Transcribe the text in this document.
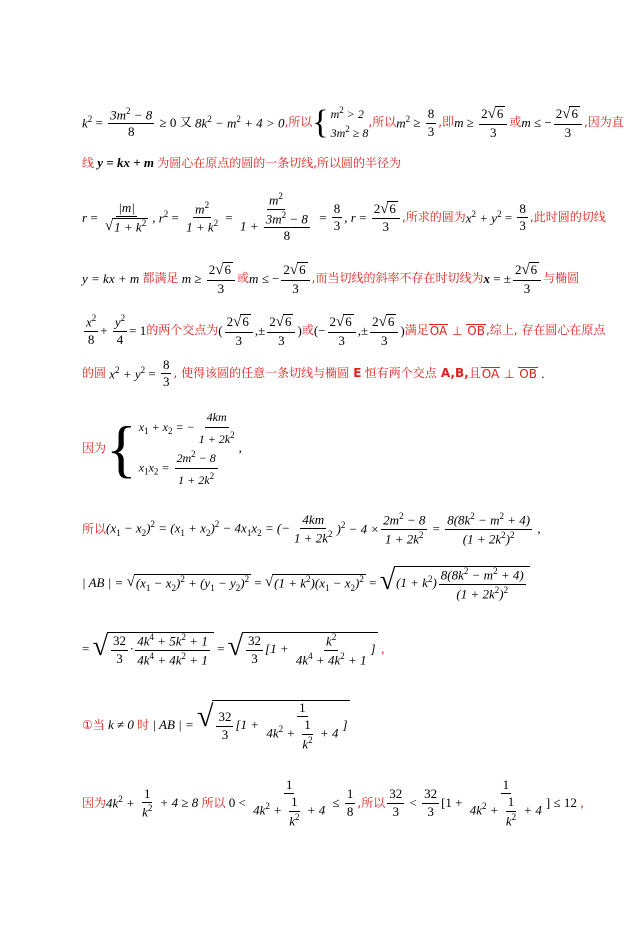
$k^2 = \frac{3m^2 - 8}{8} \ge 0$ 又
$8k^2 - m^2 + 4 > 0$ ,所以 { $m^2 > 2$
$3m^2 \ge 8$
,所以 $m^2 \ge \frac{8}{3}$ ,即 $m \ge \frac{2 √ 6}{3}$ 或 m ≤ − $\frac{2 √ 6}{3}$ ,因为直
线 y = kx + m 为圆心在原点的圆的一条切线,所以圆的半径为
$r = \frac{|m|}{√ 1 + k^2}$ , $r^2 = \frac{m^2}{1 + k^2} = \frac{m^2}{1 + \frac{3m^2 - 8}{8}} = \frac{8}{3}$ , $r = \frac{2 √ 6}{3}$ ,所求的圆为 $x^2 + y^2 = \frac{8}{3}$ ,此时圆的切线
y = kx + m
都满足 $m \ge \frac{2 √ 6}{3}$ 或 m ≤ − $\frac{2 √ 6}{3}$ ,而当切线的斜率不存在时切线为 x = ± $\frac{2 √ 6}{3}$ 与椭圆
$\frac{x^2}{8} + \frac{y^2}{4} = 1$ 的两个交点为 ( $\frac{2 √ 6}{3}$ ,± $\frac{2 √ 6}{3}$ ) 或 (− $\frac{2 √ 6}{3}$ ,± $\frac{2 √ 6}{3}$ ) 满足 OA ⊥ OB ,综上, 存在圆心在原点
的圆 $x^2 + y^2 = \frac{8}{3}$ , 使得该圆的任意一条切线与椭圆
E
恒有两个交点
A,B, 且 OA ⊥ OB .
因为 { $x_1 + x_2$ = − $\frac{4km}{1 + 2k^2}$
$x_1x_2 = \frac{2m^2 - 8}{1 + 2k^2}$
,
所以 $(x_1 - x_2)^2 = (x_1 + x_2)^2 - 4x_1x_2$ = (− $\frac{4km}{1 + 2k^2} )^2 - 4 \times \frac{2m^2 - 8}{1 + 2k^2} = \frac{8(8k^2 - m^2 + 4)}{(1 + 2k^2)^2}$ ,
| AB | =
√ $(x_1 - x_2)^2 + (y_1 - y_2)^2$ = √ $(1 + k^2)(x_1 - x_2)^2$ = √ $(1 + k^2) \frac{8(8k^2 - m^2 + 4)}{(1 + 2k^2)^2}$
= √ $\frac{32}{3} \cdot \frac{4k^4 + 5k^2 + 1}{4k^4 + 4k^2 + 1}$ = √ $\frac{32}{3} [1 + \frac{k^2}{4k^4 + 4k^2 + 1}$ ]
,
①当 k ≠ 0 时 | AB | =
√ $\frac{32}{3} [1 + \frac{1}{4k^2 + \frac{1}{k^2} + 4}$ ]
因为 $4k^2$ +
$\frac{1}{k^2}$
+ 4 ≥ 8
所以 $0 < \frac{1}{4k^2 + \frac{1}{k^2} + 4} \le \frac{1}{8}$ ,所以 $\frac{32}{3} < \frac{32}{3} [1 + \frac{1}{4k^2 + \frac{1}{k^2} + 4}$ ] ≤ 12 ,
